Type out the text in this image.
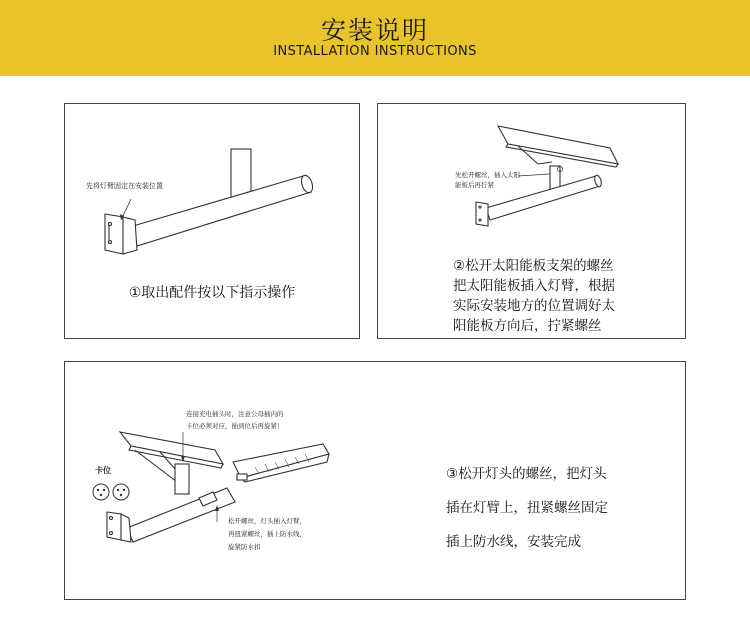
安装说明
INSTALLATION INSTRUCTIONS
先将灯臂固定在安装位置
①取出配件按以下指示操作
先松开螺丝，插入太阳
能板后再拧紧
②松开太阳能板支架的螺丝
把太阳能板插入灯臂，根据
实际安装地方的位置调好太
阳能板方向后，拧紧螺丝
连接充电插头时，注意公母插内的
卡位必须对应，插到位后再旋紧！
卡位
松开螺丝，灯头插入灯臂，
再扭紧螺丝，插上防水线，
旋紧防水扣
③松开灯头的螺丝，把灯头
插在灯臂上，扭紧螺丝固定
插上防水线，安装完成
